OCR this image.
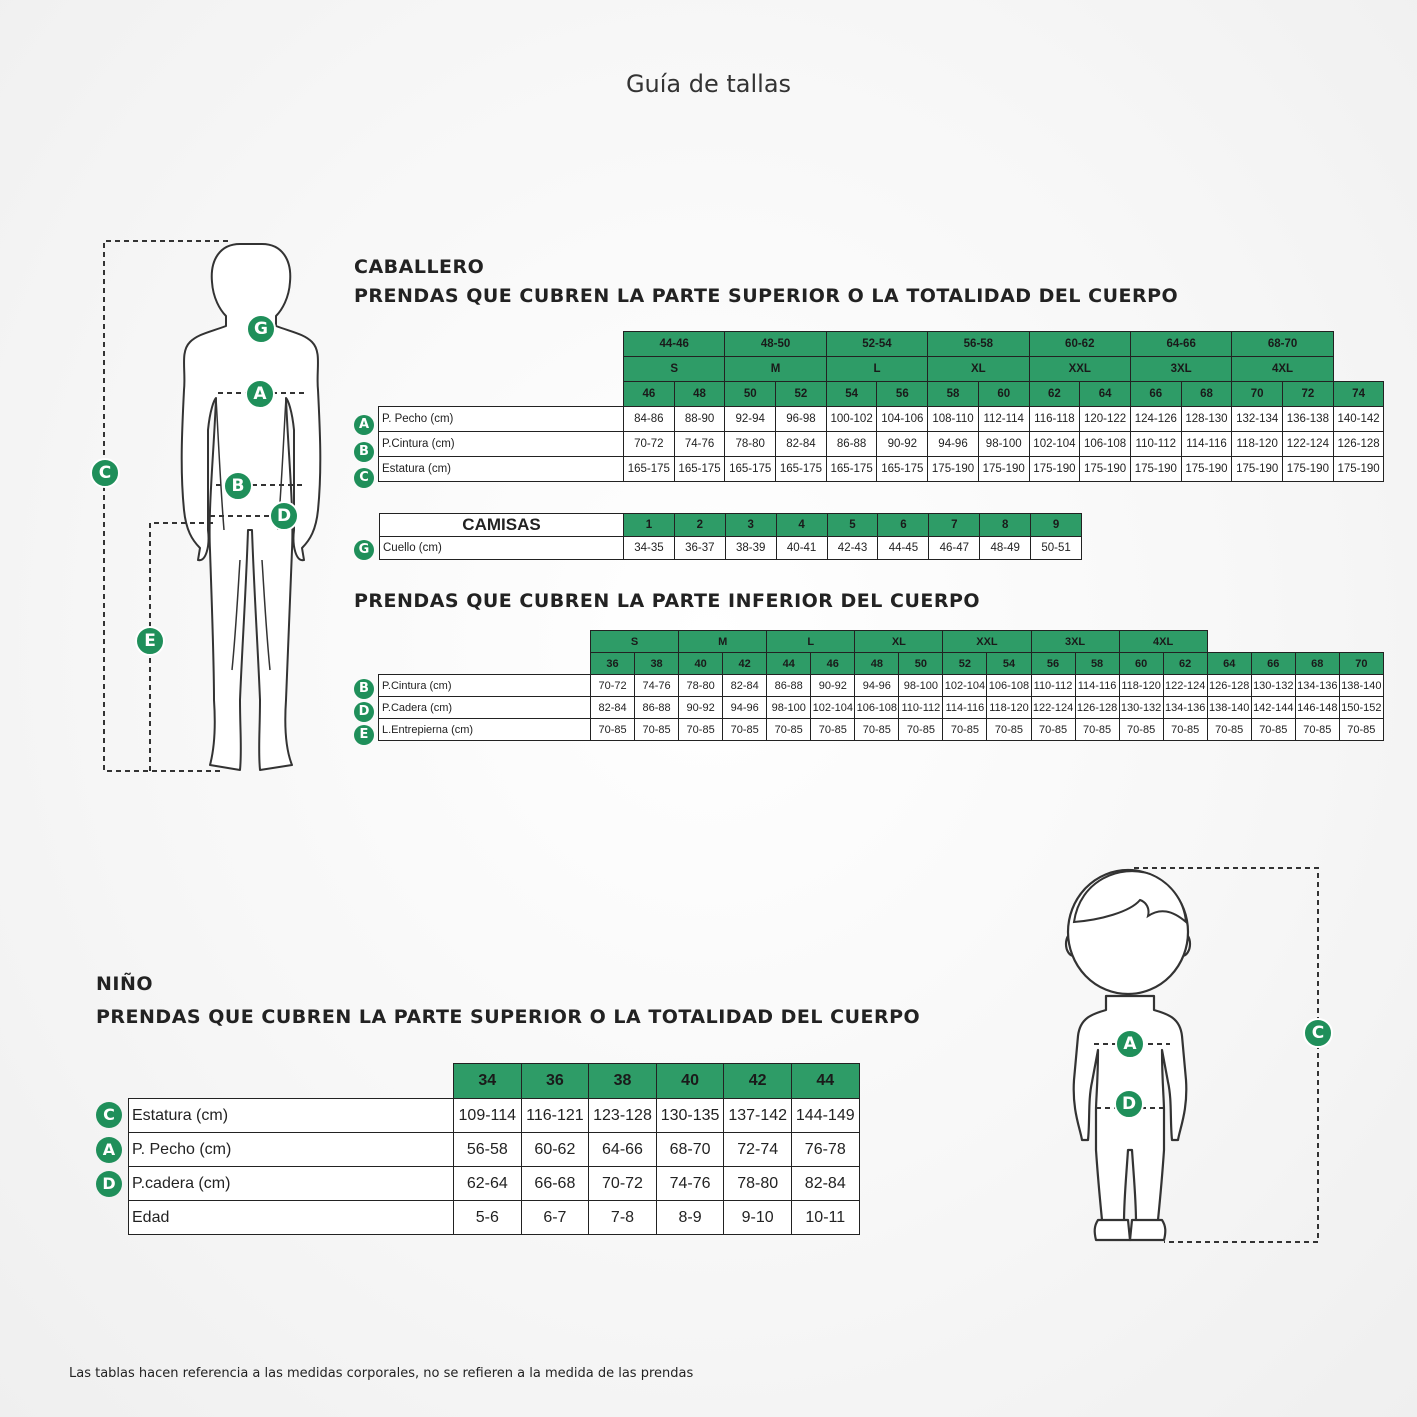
Guía de tallas
G
A
C
B
D
E
CABALLERO
PRENDAS QUE CUBREN LA PARTE SUPERIOR O LA TOTALIDAD DEL CUERPO
	44-46		48-50		52-54		56-58		60-62		64-66		68-70		
	S		M		L		XL		XXL		3XL		4XL		
	46	48	50	52	54	56	58	60	62	64	66	68	70	72	74
P. Pecho (cm)	84-86	88-90	92-94	96-98	100-102	104-106	108-110	112-114	116-118	120-122	124-126	128-130	132-134	136-138	140-142
P.Cintura (cm)	70-72	74-76	78-80	82-84	86-88	90-92	94-96	98-100	102-104	106-108	110-112	114-116	118-120	122-124	126-128
Estatura (cm)	165-175	165-175	165-175	165-175	165-175	165-175	175-190	175-190	175-190	175-190	175-190	175-190	175-190	175-190	175-190
A
B
C
CAMISAS	1	2	3	4	5	6	7	8	9
Cuello (cm)	34-35	36-37	38-39	40-41	42-43	44-45	46-47	48-49	50-51
G
PRENDAS QUE CUBREN LA PARTE INFERIOR DEL CUERPO
	S		M		L		XL		XXL		3XL		4XL					
	36	38	40	42	44	46	48	50	52	54	56	58	60	62	64	66	68	70
P.Cintura (cm)	70-72	74-76	78-80	82-84	86-88	90-92	94-96	98-100	102-104	106-108	110-112	114-116	118-120	122-124	126-128	130-132	134-136	138-140
P.Cadera (cm)	82-84	86-88	90-92	94-96	98-100	102-104	106-108	110-112	114-116	118-120	122-124	126-128	130-132	134-136	138-140	142-144	146-148	150-152
L.Entrepierna (cm)	70-85	70-85	70-85	70-85	70-85	70-85	70-85	70-85	70-85	70-85	70-85	70-85	70-85	70-85	70-85	70-85	70-85	70-85
B
D
E
NIÑO
PRENDAS QUE CUBREN LA PARTE SUPERIOR O LA TOTALIDAD DEL CUERPO
	34	36	38	40	42	44
Estatura (cm)	109-114	116-121	123-128	130-135	137-142	144-149
P. Pecho (cm)	56-58	60-62	64-66	68-70	72-74	76-78
P.cadera (cm)	62-64	66-68	70-72	74-76	78-80	82-84
Edad	5-6	6-7	7-8	8-9	9-10	10-11
C
A
D
A
D
C
Las tablas hacen referencia a las medidas corporales, no se refieren a la medida de las prendas
